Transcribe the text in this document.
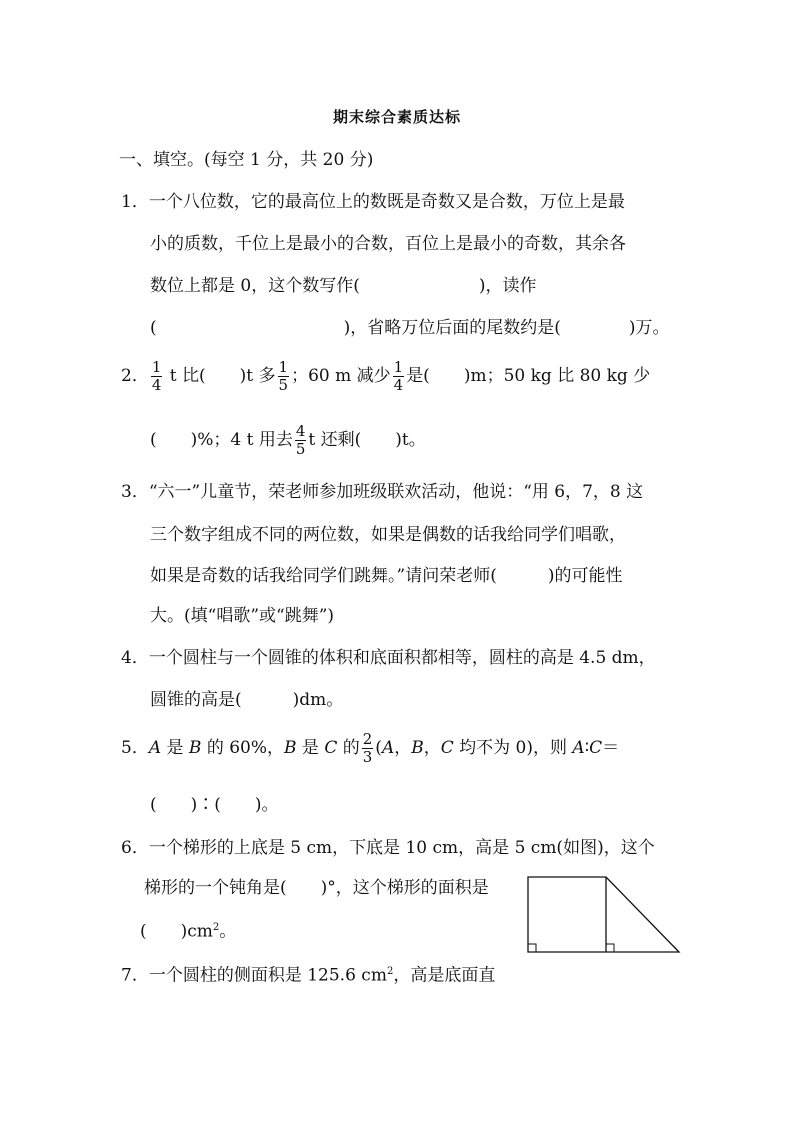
期末综合素质达标
一、填空。(每空 1 分，共 20 分)
1．一个八位数，它的最高位上的数既是奇数又是合数，万位上是最
小的质数，千位上是最小的合数，百位上是最小的奇数，其余各
数位上都是 0，这个数写作(　　　　　　　)，读作
(　　　　　　　　　　　)，省略万位后面的尾数约是(　　　　)万。
2． $\frac{1}{4}$ t 比(　　)t 多 $\frac{1}{5}$ ；60 m 减少 $\frac{1}{4}$ 是(　　)m；50 kg 比 80 kg 少
(　　)%；4 t 用去 $\frac{4}{5}$ t 还剩(　　)t。
3．“六一”儿童节，荣老师参加班级联欢活动，他说：“用 6，7，8 这
三个数字组成不同的两位数，如果是偶数的话我给同学们唱歌，
如果是奇数的话我给同学们跳舞。”请问荣老师(　　　)的可能性
大。(填“唱歌”或“跳舞”)
4．一个圆柱与一个圆锥的体积和底面积都相等，圆柱的高是 4.5 dm，
圆锥的高是(　　　)dm。
5．A 是 B 的 60%，B 是 C 的 $\frac{2}{3} (A$，B，C 均不为 0)，则 A∶C＝
(　　)∶(　　)。
6．一个梯形的上底是 5 cm，下底是 10 cm，高是 5 cm(如图)，这个
梯形的一个钝角是(　　)°，这个梯形的面积是
(　　)$cm^2$。
7．一个圆柱的侧面积是 125.6 $cm^2$，高是底面直
